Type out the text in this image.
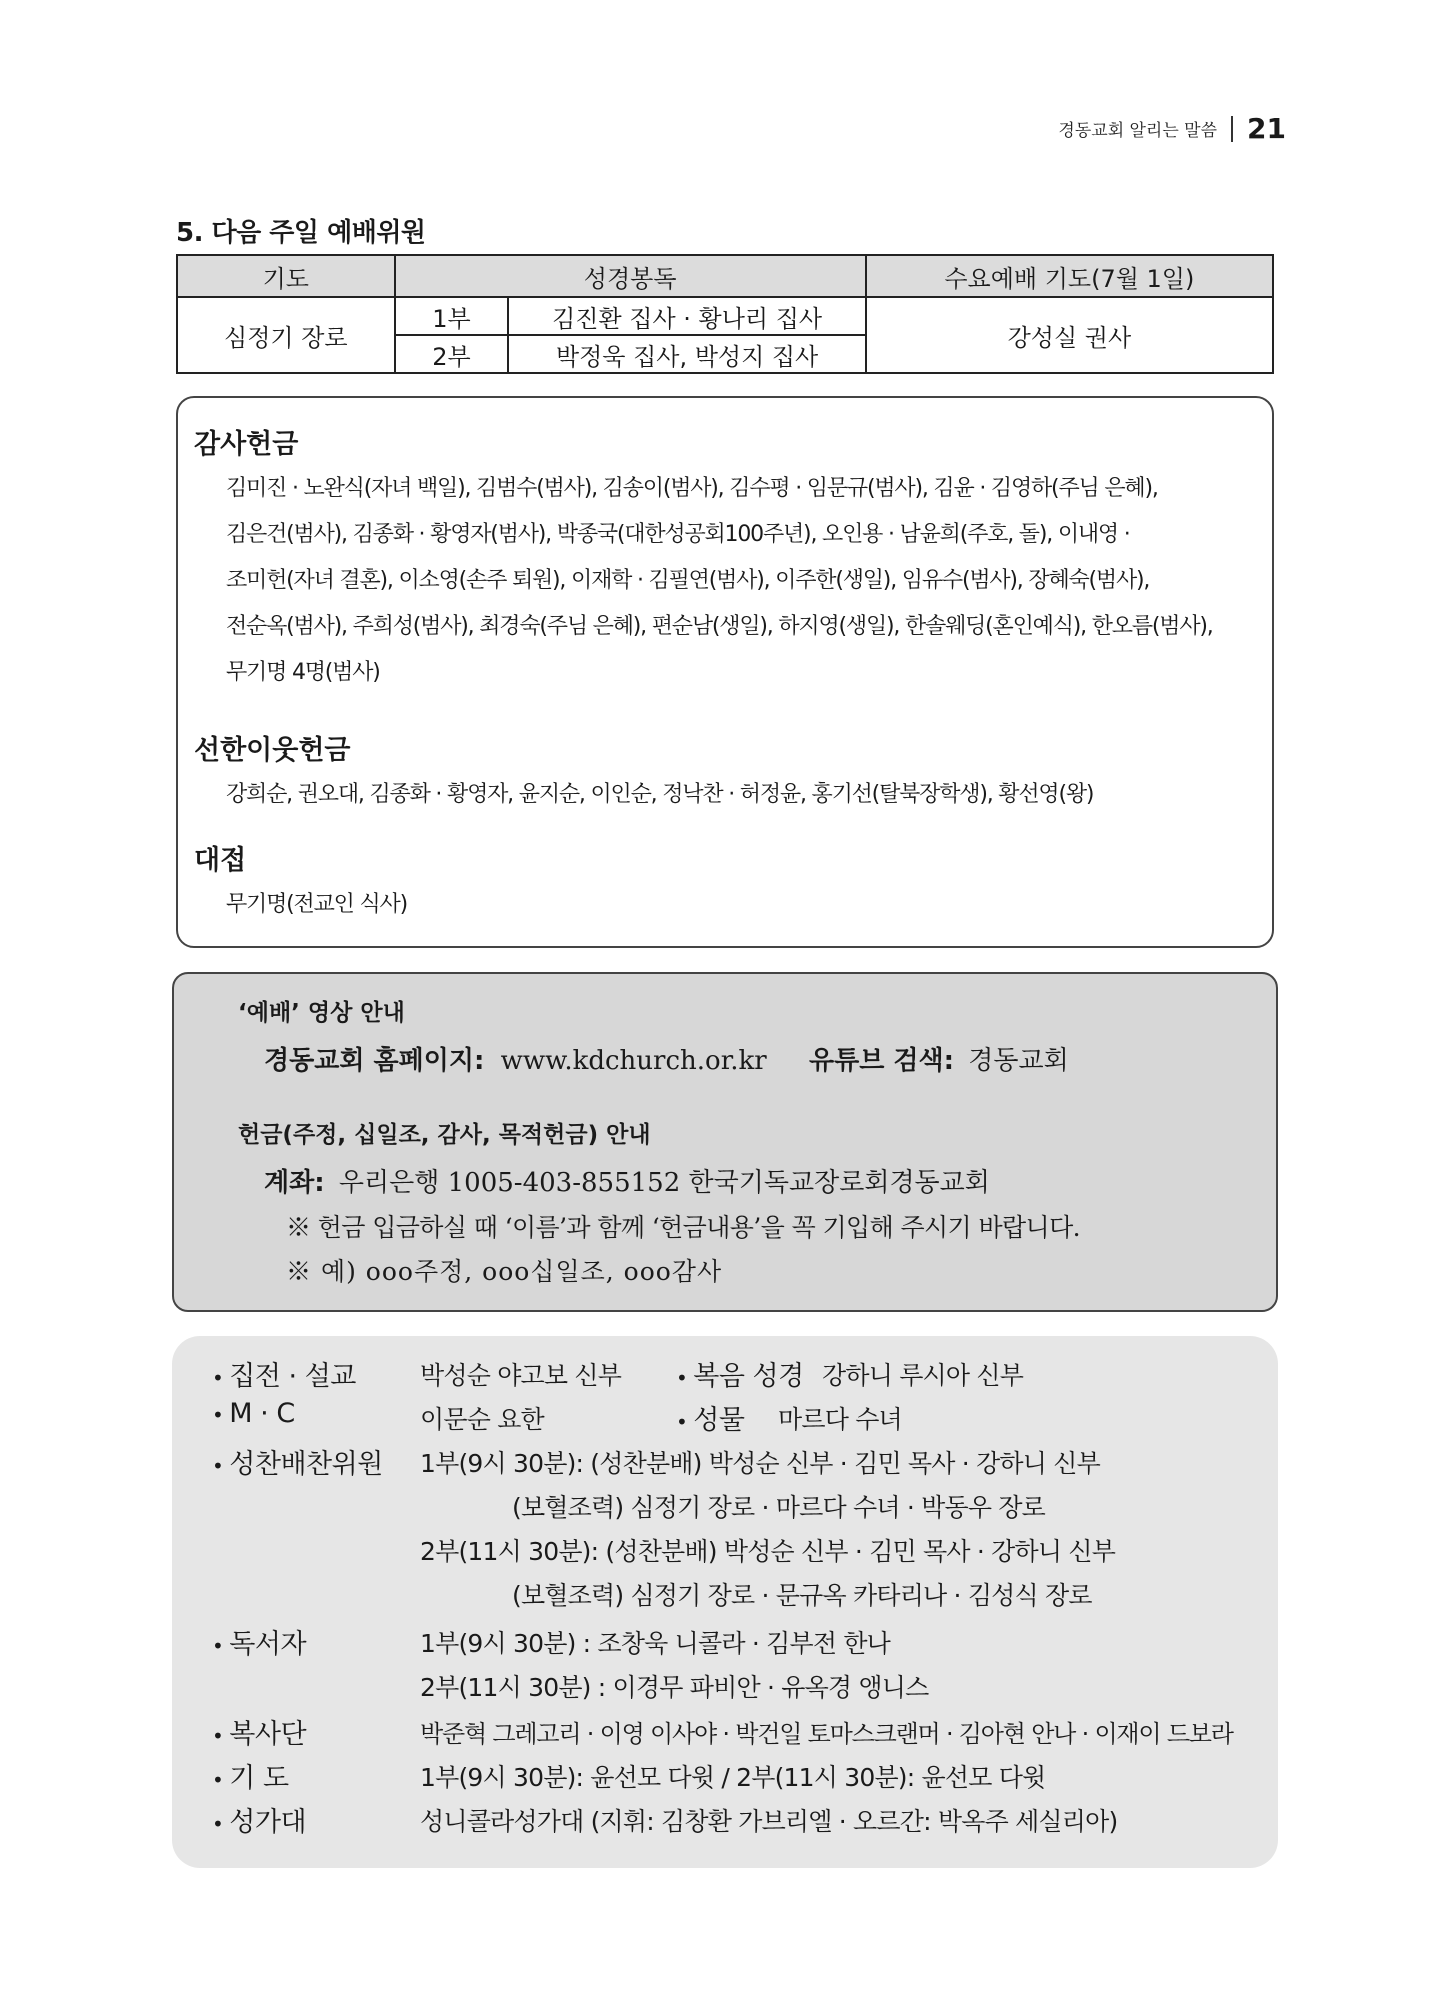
경동교회 알리는 말씀 21
5. 다음 주일 예배위원
기도	성경봉독		수요예배 기도(7월 1일)
심정기 장로	1부	김진환 집사 · 황나리 집사	강성실 권사
	2부	박정욱 집사, 박성지 집사	
감사헌금
김미진 · 노완식(자녀 백일), 김범수(범사), 김송이(범사), 김수평 · 임문규(범사), 김윤 · 김영하(주님 은혜),
김은건(범사), 김종화 · 황영자(범사), 박종국(대한성공회100주년), 오인용 · 남윤희(주호, 돌), 이내영 ·
조미헌(자녀 결혼), 이소영(손주 퇴원), 이재학 · 김필연(범사), 이주한(생일), 임유수(범사), 장혜숙(범사),
전순옥(범사), 주희성(범사), 최경숙(주님 은혜), 편순남(생일), 하지영(생일), 한솔웨딩(혼인예식), 한오름(범사),
무기명 4명(범사)
선한이웃헌금
강희순, 권오대, 김종화 · 황영자, 윤지순, 이인순, 정낙찬 · 허정윤, 홍기선(탈북장학생), 황선영(왕)
대접
무기명(전교인 식사)
‘예배’ 영상 안내
경동교회 홈페이지: www.kdchurch.or.kr 유튜브 검색: 경동교회
헌금(주정, 십일조, 감사, 목적헌금) 안내
계좌: 우리은행 1005-403-855152 한국기독교장로회경동교회
※ 헌금 입금하실 때 ‘이름’과 함께 ‘헌금내용’을 꼭 기입해 주시기 바랍니다.
※ 예) ooo주정, ooo십일조, ooo감사
• 집전 · 설교	박성순 야고보 신부	• 복음 성경 강하니 루시아 신부
• M · C	이문순 요한	• 성물 마르다 수녀
• 성찬배찬위원 1부(9시 30분): (성찬분배) 박성순 신부 · 김민 목사 · 강하니 신부
(보혈조력) 심정기 장로 · 마르다 수녀 · 박동우 장로
2부(11시 30분): (성찬분배) 박성순 신부 · 김민 목사 · 강하니 신부
(보혈조력) 심정기 장로 · 문규옥 카타리나 · 김성식 장로
• 독서자	1부(9시 30분) : 조창욱 니콜라 · 김부전 한나
2부(11시 30분) : 이경무 파비안 · 유옥경 앵니스
• 복사단	박준혁 그레고리 · 이영 이사야 · 박건일 토마스크랜머 · 김아현 안나 · 이재이 드보라
• 기 도	1부(9시 30분): 윤선모 다윗 / 2부(11시 30분): 윤선모 다윗
• 성가대	성니콜라성가대 (지휘: 김창환 가브리엘 · 오르간: 박옥주 세실리아)
